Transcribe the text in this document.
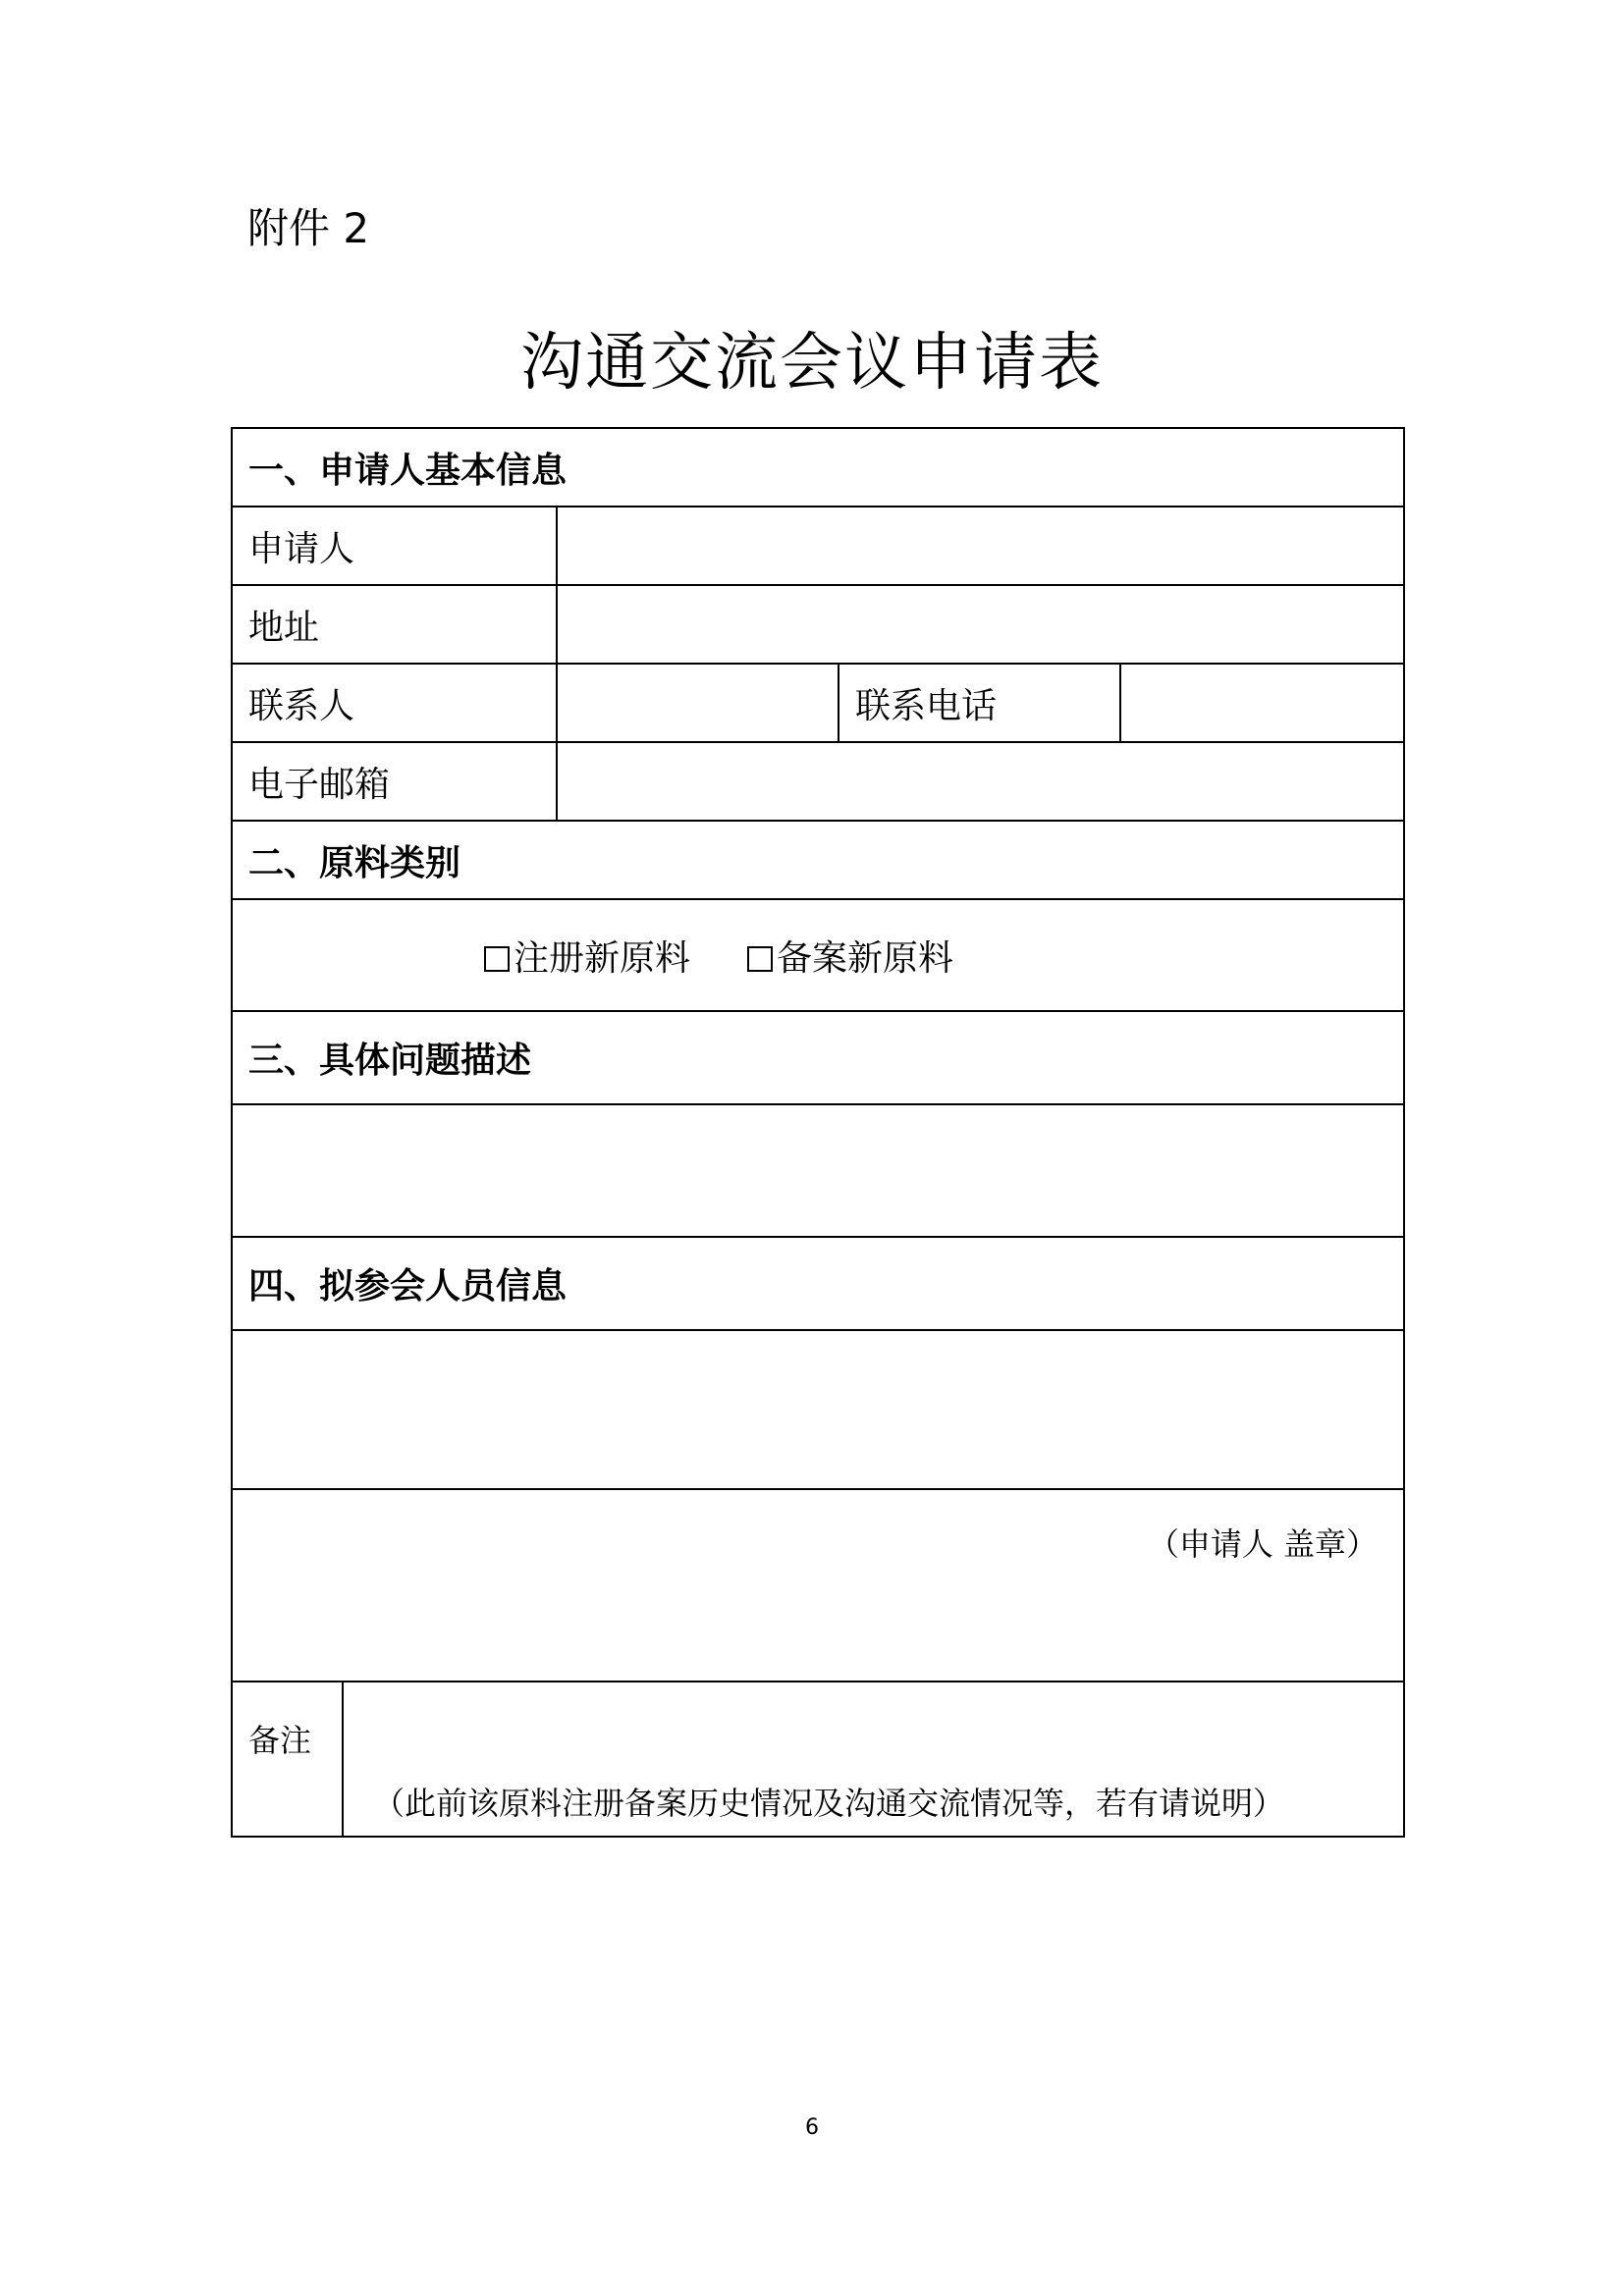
附件 2
沟通交流会议申请表
一、申请人基本信息				
申请人				
地址				
联系人			联系电话	
电子邮箱				
二、原料类别				
注册新原料 备案新原料				
三、具体问题描述				

四、拟参会人员信息				

（申请人 盖章）				
备注	（此前该原料注册备案历史情况及沟通交流情况等，若有请说明）			
6
